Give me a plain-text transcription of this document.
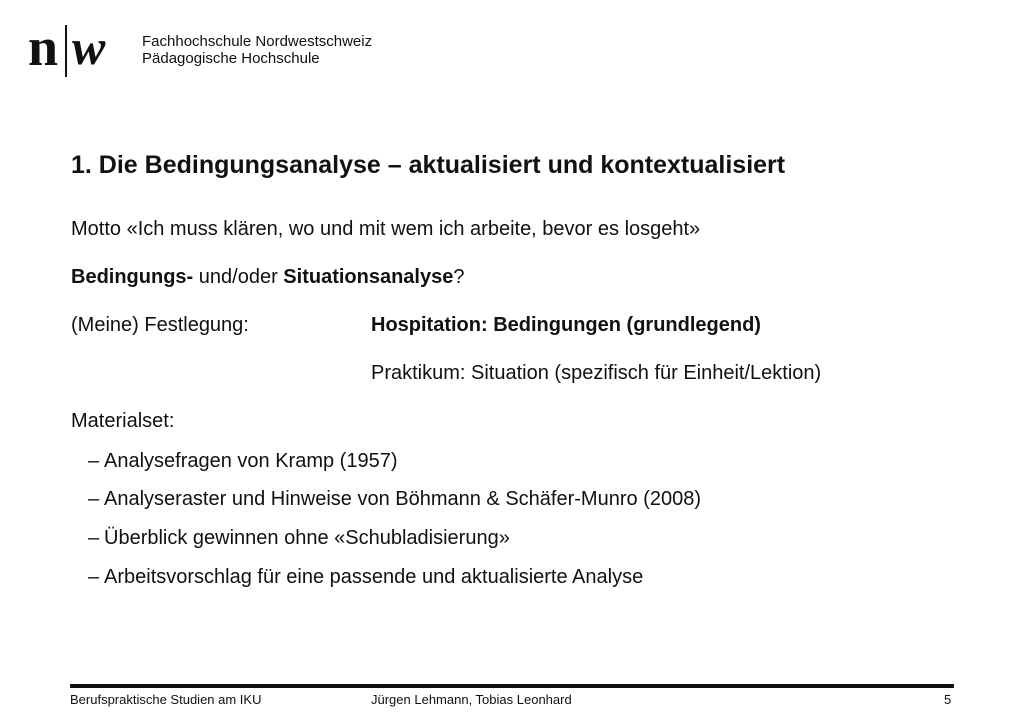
n w Fachhochschule Nordwestschweiz
Pädagogische Hochschule
1. Die Bedingungsanalyse – aktualisiert und kontextualisiert
Motto «Ich muss klären, wo und mit wem ich arbeite, bevor es losgeht»
Bedingungs- und/oder Situationsanalyse?
(Meine) Festlegung:	Hospitation: Bedingungen (grundlegend)
Praktikum: Situation (spezifisch für Einheit/Lektion)
Materialset:
– Analysefragen von Kramp (1957)
– Analyseraster und Hinweise von Böhmann & Schäfer-Munro (2008)
– Überblick gewinnen ohne «Schubladisierung»
– Arbeitsvorschlag für eine passende und aktualisierte Analyse
Berufspraktische Studien am IKU	Jürgen Lehmann, Tobias Leonhard	5
